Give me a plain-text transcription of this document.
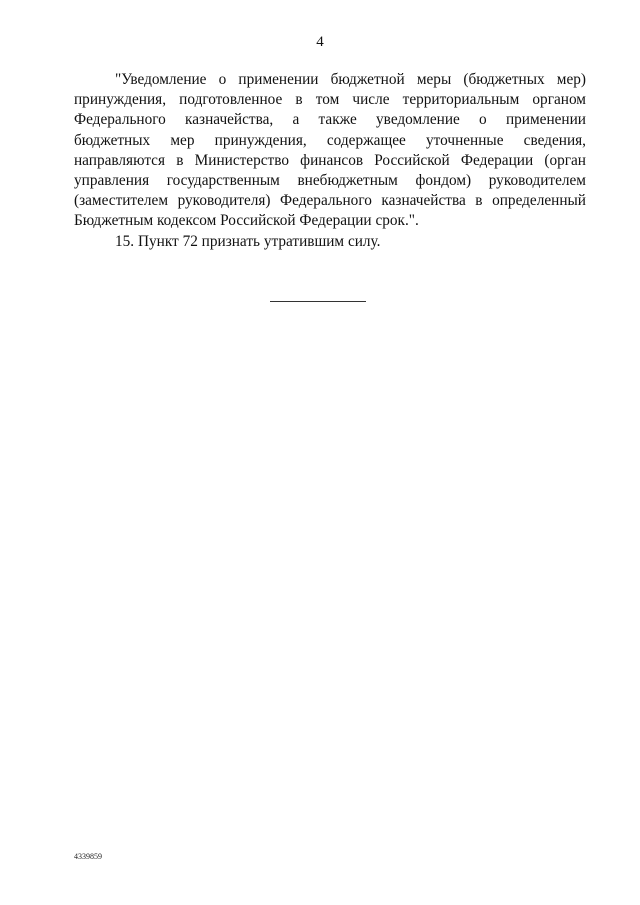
4
"Уведомление о применении бюджетной меры (бюджетных мер)
принуждения, подготовленное в том числе территориальным органом
Федерального казначейства, а также уведомление о применении
бюджетных мер принуждения, содержащее уточненные сведения,
направляются в Министерство финансов Российской Федерации (орган
управления государственным внебюджетным фондом) руководителем
(заместителем руководителя) Федерального казначейства в определенный
Бюджетным кодексом Российской Федерации срок.".

15. Пункт 72 признать утратившим силу.

4339859
